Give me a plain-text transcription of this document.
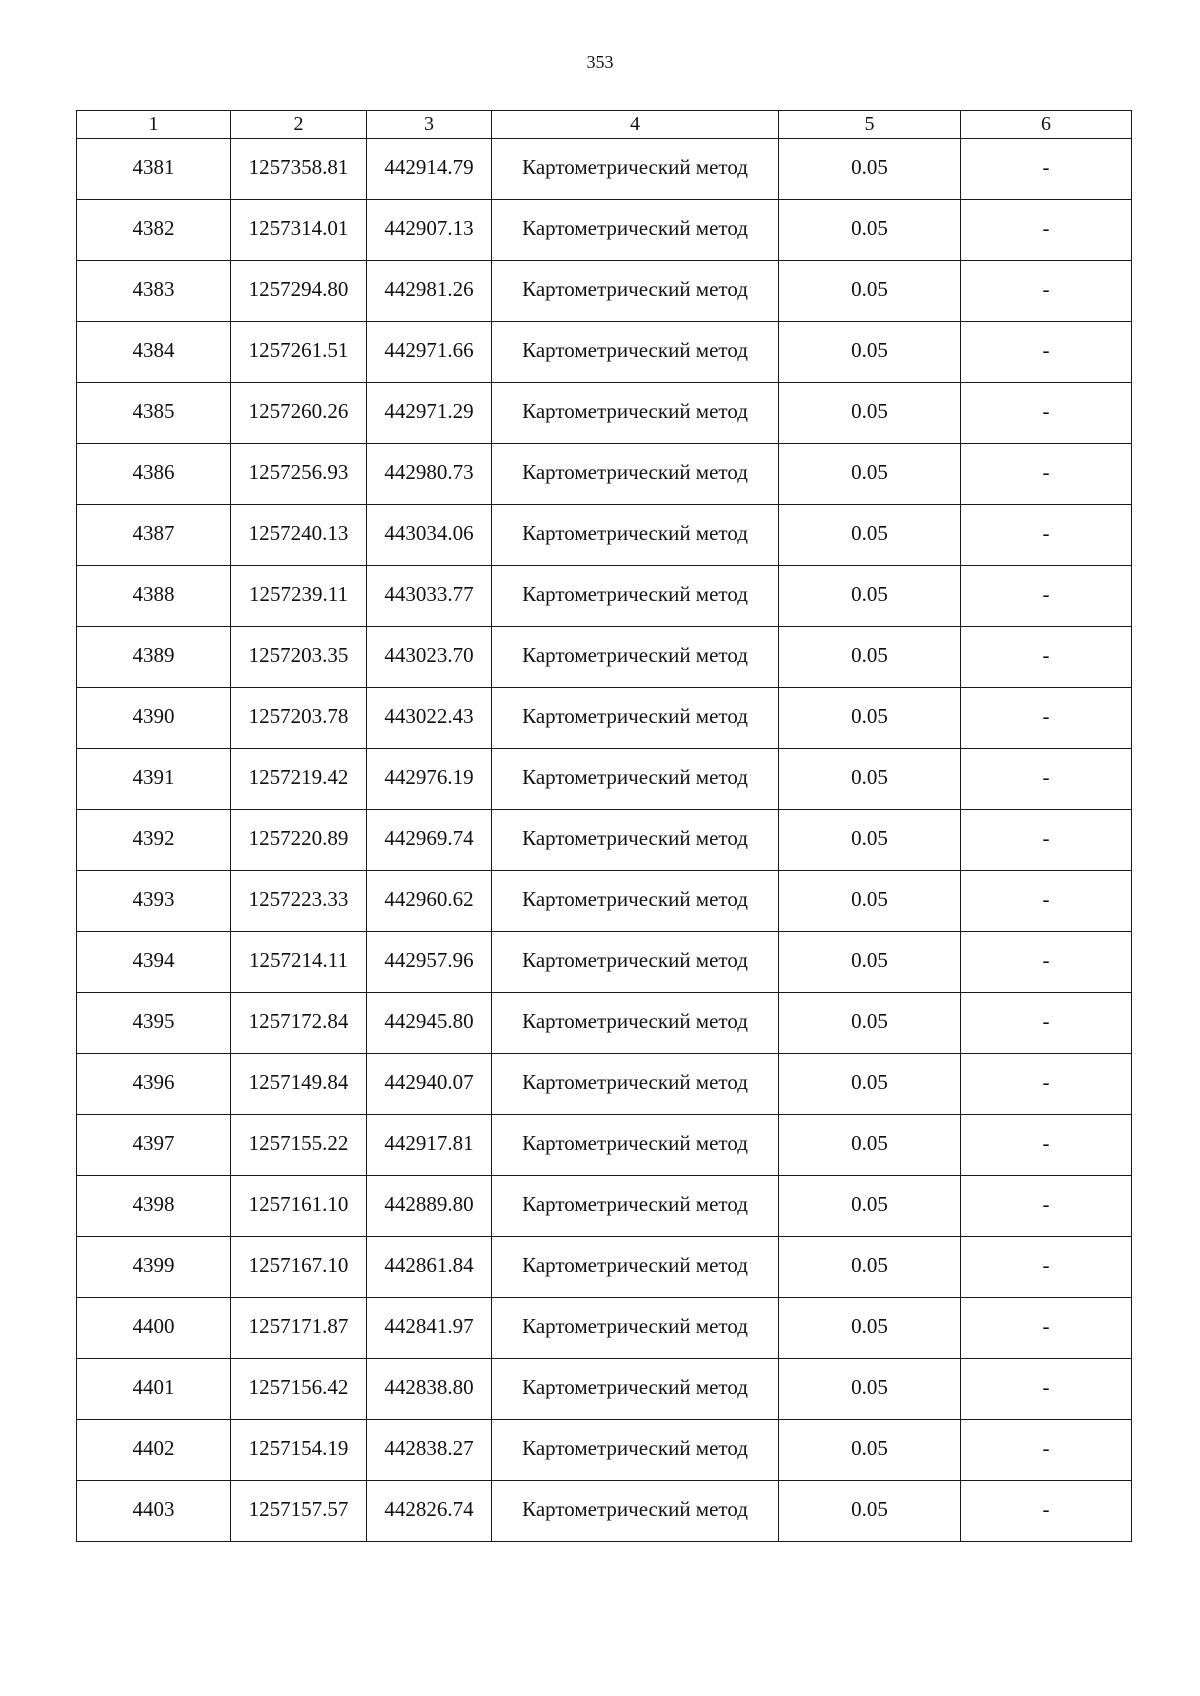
353
1	2	3	4	5	6
4381	1257358.81	442914.79	Картометрический метод	0.05	-
4382	1257314.01	442907.13	Картометрический метод	0.05	-
4383	1257294.80	442981.26	Картометрический метод	0.05	-
4384	1257261.51	442971.66	Картометрический метод	0.05	-
4385	1257260.26	442971.29	Картометрический метод	0.05	-
4386	1257256.93	442980.73	Картометрический метод	0.05	-
4387	1257240.13	443034.06	Картометрический метод	0.05	-
4388	1257239.11	443033.77	Картометрический метод	0.05	-
4389	1257203.35	443023.70	Картометрический метод	0.05	-
4390	1257203.78	443022.43	Картометрический метод	0.05	-
4391	1257219.42	442976.19	Картометрический метод	0.05	-
4392	1257220.89	442969.74	Картометрический метод	0.05	-
4393	1257223.33	442960.62	Картометрический метод	0.05	-
4394	1257214.11	442957.96	Картометрический метод	0.05	-
4395	1257172.84	442945.80	Картометрический метод	0.05	-
4396	1257149.84	442940.07	Картометрический метод	0.05	-
4397	1257155.22	442917.81	Картометрический метод	0.05	-
4398	1257161.10	442889.80	Картометрический метод	0.05	-
4399	1257167.10	442861.84	Картометрический метод	0.05	-
4400	1257171.87	442841.97	Картометрический метод	0.05	-
4401	1257156.42	442838.80	Картометрический метод	0.05	-
4402	1257154.19	442838.27	Картометрический метод	0.05	-
4403	1257157.57	442826.74	Картометрический метод	0.05	-
